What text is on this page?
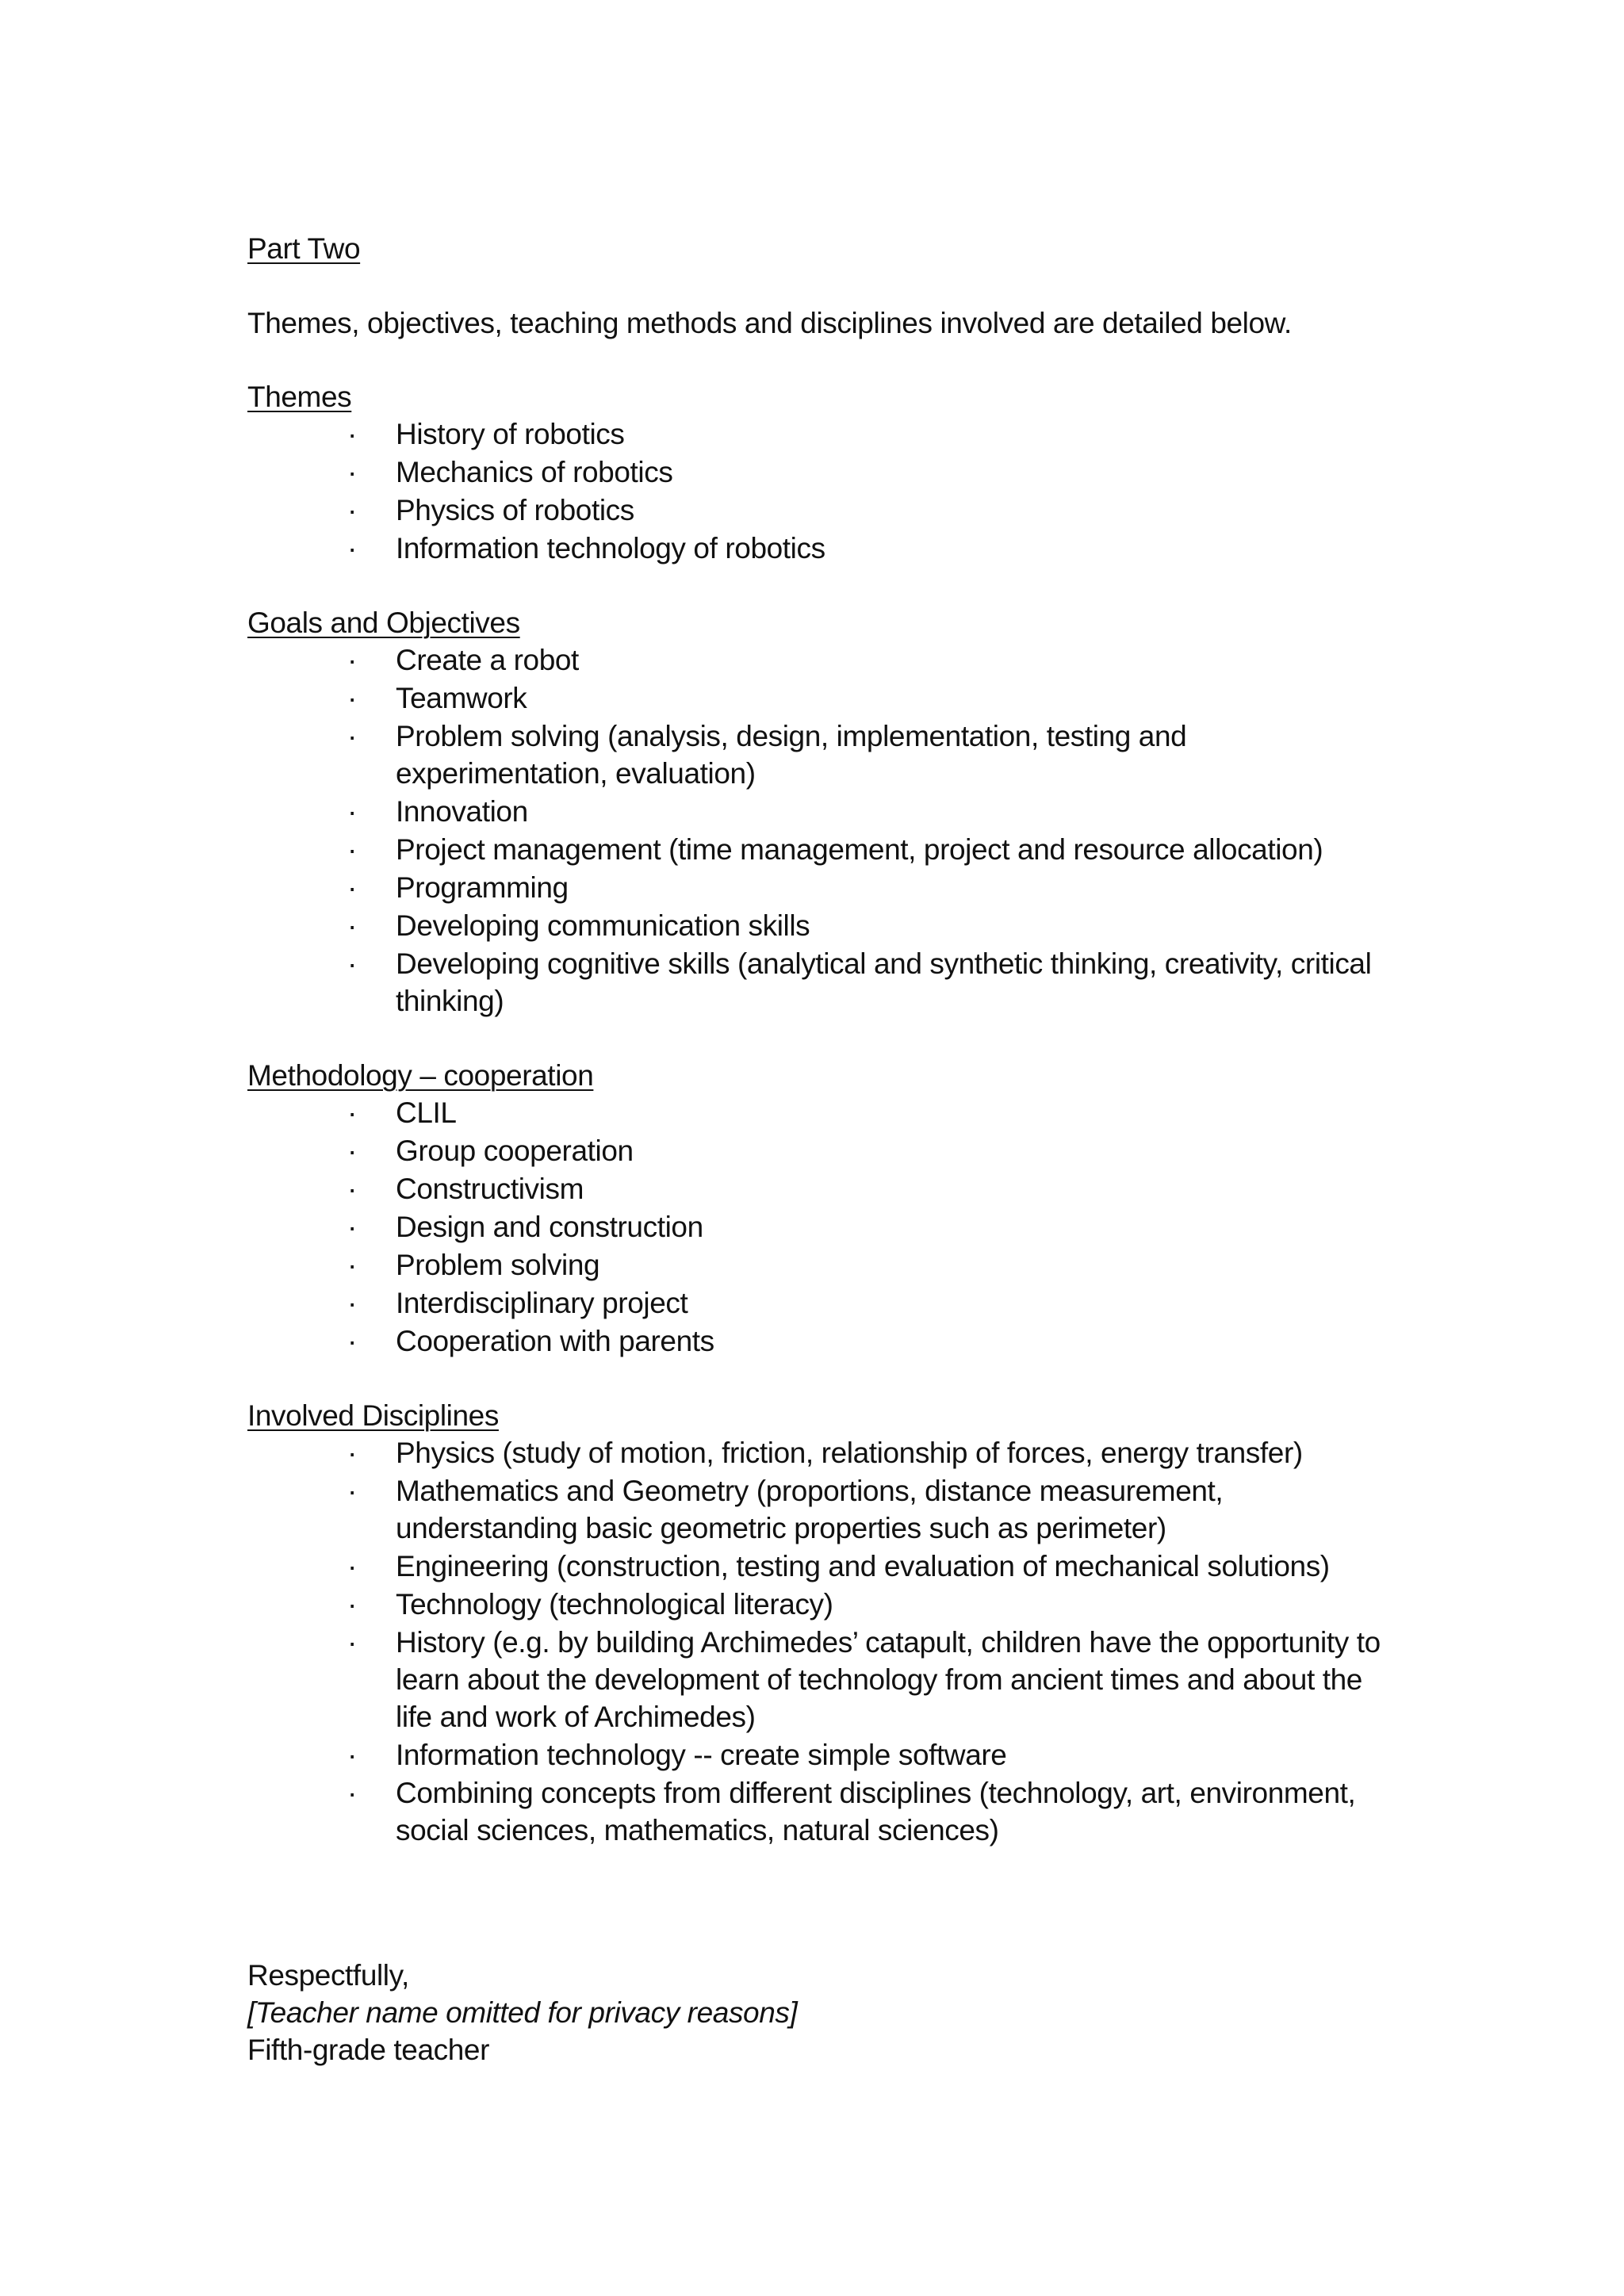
Part Two

Themes, objectives, teaching methods and disciplines involved are detailed below.

Themes

· History of robotics
· Mechanics of robotics
· Physics of robotics
· Information technology of robotics

Goals and Objectives

· Create a robot
· Teamwork
· Problem solving (analysis, design, implementation, testing and experimentation, evaluation)
· Innovation
· Project management (time management, project and resource allocation)
· Programming
· Developing communication skills
· Developing cognitive skills (analytical and synthetic thinking, creativity, critical thinking)

Methodology – cooperation

· CLIL
· Group cooperation
· Constructivism
· Design and construction
· Problem solving
· Interdisciplinary project
· Cooperation with parents

Involved Disciplines

· Physics (study of motion, friction, relationship of forces, energy transfer)
· Mathematics and Geometry (proportions, distance measurement, understanding basic geometric properties such as perimeter)
· Engineering (construction, testing and evaluation of mechanical solutions)
· Technology (technological literacy)
· History (e.g. by building Archimedes’ catapult, children have the opportunity to learn about the development of technology from ancient times and about the life and work of Archimedes)
· Information technology -- create simple software
· Combining concepts from different disciplines (technology, art, environment, social sciences, mathematics, natural sciences)

Respectfully,

[Teacher name omitted for privacy reasons]

Fifth-grade teacher
